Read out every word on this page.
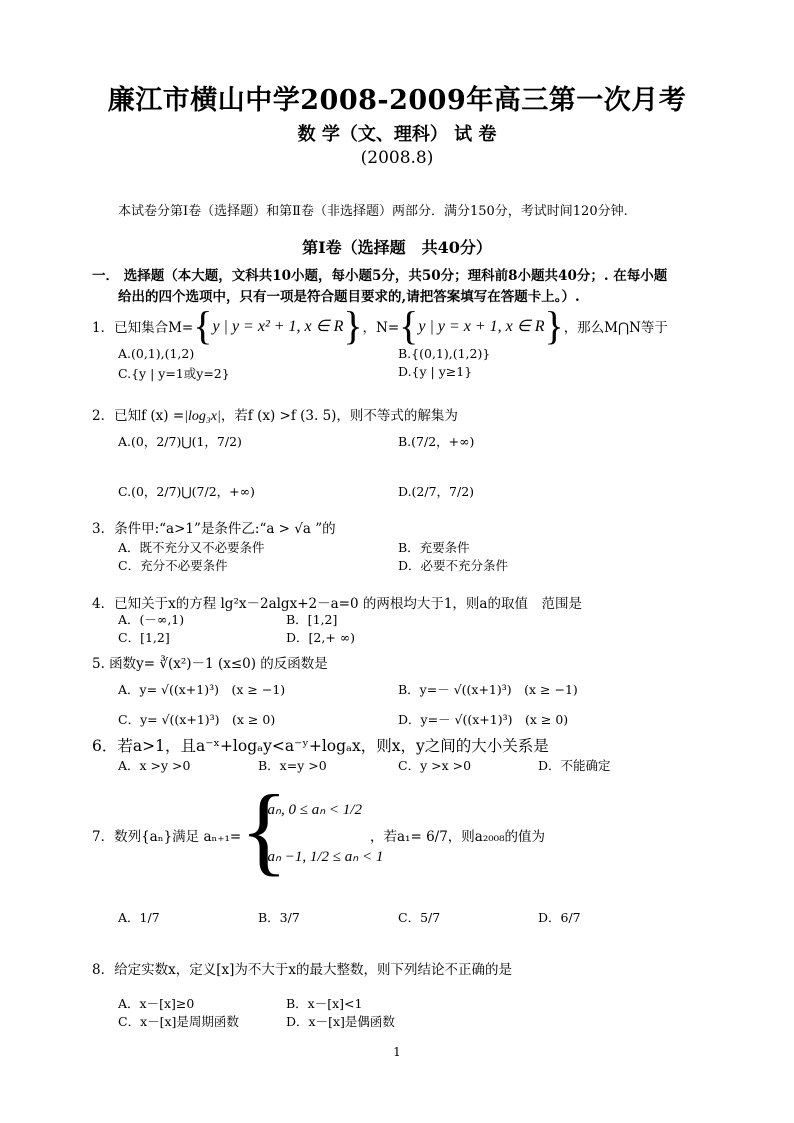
廉江市横山中学2008-2009年高三第一次月考
数 学（文、理科） 试 卷
(2008.8)
本试卷分第Ⅰ卷（选择题）和第Ⅱ卷（非选择题）两部分．满分150分，考试时间120分钟.
第Ⅰ卷（选择题　共40分）
一． 选择题（本大题，文科共10小题，每小题5分，共50分；理科前8小题共40分；. 在每小题
给出的四个选项中，只有一项是符合题目要求的,请把答案填写在答题卡上。）.
1．已知集合M= { y | y = x² + 1, x ∈ R } ，N= { y | y = x + 1, x ∈ R } ，那么M⋂N等于
A.(0,1),(1,2)	B.{(0,1),(1,2)}
C.{y | y=1或y=2}	D.{y | y≥1}
2．已知f (x) =|log₃x|，若f (x) >f (3. 5)，则不等式的解集为
A.(0，2/7)⋃(1，7/2)	B.(7/2，+∞)
C.(0，2/7)⋃(7/2，+∞)	D.(2/7，7/2)
3．条件甲:“a>1”是条件乙:“a > √a ”的
A．既不充分又不必要条件	B．充要条件
C．充分不必要条件	D．必要不充分条件
4．已知关于x的方程 lg²x－2algx+2－a=0 的两根均大于1，则a的取值　范围是
A．(－∞,1)	B．[1,2]
C．[1,2]	D．[2,+ ∞)
5. 函数y= ∛(x²)－1 (x≤0) 的反函数是
A．y= √((x+1)³)　(x ≥ −1)	B．y=－ √((x+1)³)　(x ≥ −1)
C．y= √((x+1)³)　(x ≥ 0)	D．y=－ √((x+1)³)　(x ≥ 0)
6．若a>1，且a⁻ˣ+logₐy<a⁻ʸ+logₐx，则x，y之间的大小关系是
A．x >y >0	B．x=y >0	C．y >x >0	D．不能确定
7．数列{aₙ}满足 aₙ₊₁=
{
2aₙ, 0 ≤ aₙ < 1/2
2aₙ −1, 1/2 ≤ aₙ < 1
，若a₁= 6/7，则a₂₀₀₈的值为
A．1/7	B．3/7	C．5/7	D．6/7
8．给定实数x，定义[x]为不大于x的最大整数，则下列结论不正确的是
A．x－[x]≥0	B．x－[x]<1
C．x－[x]是周期函数	D．x－[x]是偶函数
1
